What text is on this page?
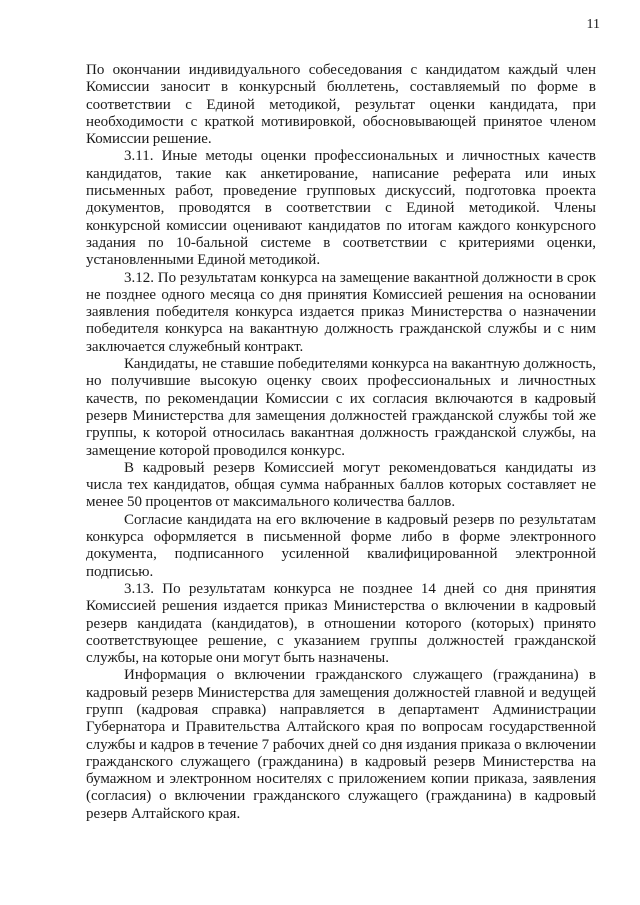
11

По окончании индивидуального собеседования с кандидатом каждый член Комиссии заносит в конкурсный бюллетень, составляемый по форме в соответствии с Единой методикой, результат оценки кандидата, при необходимости с краткой мотивировкой, обосновывающей принятое членом Комиссии решение.

3.11. Иные методы оценки профессиональных и личностных качеств кандидатов, такие как анкетирование, написание реферата или иных письменных работ, проведение групповых дискуссий, подготовка проекта документов, проводятся в соответствии с Единой методикой. Члены конкурсной комиссии оценивают кандидатов по итогам каждого конкурсного задания по 10-бальной системе в соответствии с критериями оценки, установленными Единой методикой.

3.12. По результатам конкурса на замещение вакантной должности в срок не позднее одного месяца со дня принятия Комиссией решения на основании заявления победителя конкурса издается приказ Министерства о назначении победителя конкурса на вакантную должность гражданской службы и с ним заключается служебный контракт.

Кандидаты, не ставшие победителями конкурса на вакантную должность, но получившие высокую оценку своих профессиональных и личностных качеств, по рекомендации Комиссии с их согласия включаются в кадровый резерв Министерства для замещения должностей гражданской службы той же группы, к которой относилась вакантная должность гражданской службы, на замещение которой проводился конкурс.

В кадровый резерв Комиссией могут рекомендоваться кандидаты из числа тех кандидатов, общая сумма набранных баллов которых составляет не менее 50 процентов от максимального количества баллов.

Согласие кандидата на его включение в кадровый резерв по результатам конкурса оформляется в письменной форме либо в форме электронного документа, подписанного усиленной квалифицированной электронной подписью.

3.13. По результатам конкурса не позднее 14 дней со дня принятия Комиссией решения издается приказ Министерства о включении в кадровый резерв кандидата (кандидатов), в отношении которого (которых) принято соответствующее решение, с указанием группы должностей гражданской службы, на которые они могут быть назначены.

Информация о включении гражданского служащего (гражданина) в кадровый резерв Министерства для замещения должностей главной и ведущей групп (кадровая справка) направляется в департамент Администрации Губернатора и Правительства Алтайского края по вопросам государственной службы и кадров в течение 7 рабочих дней со дня издания приказа о включении гражданского служащего (гражданина) в кадровый резерв Министерства на бумажном и электронном носителях с приложением копии приказа, заявления (согласия) о включении гражданского служащего (гражданина) в кадровый резерв Алтайского края.
